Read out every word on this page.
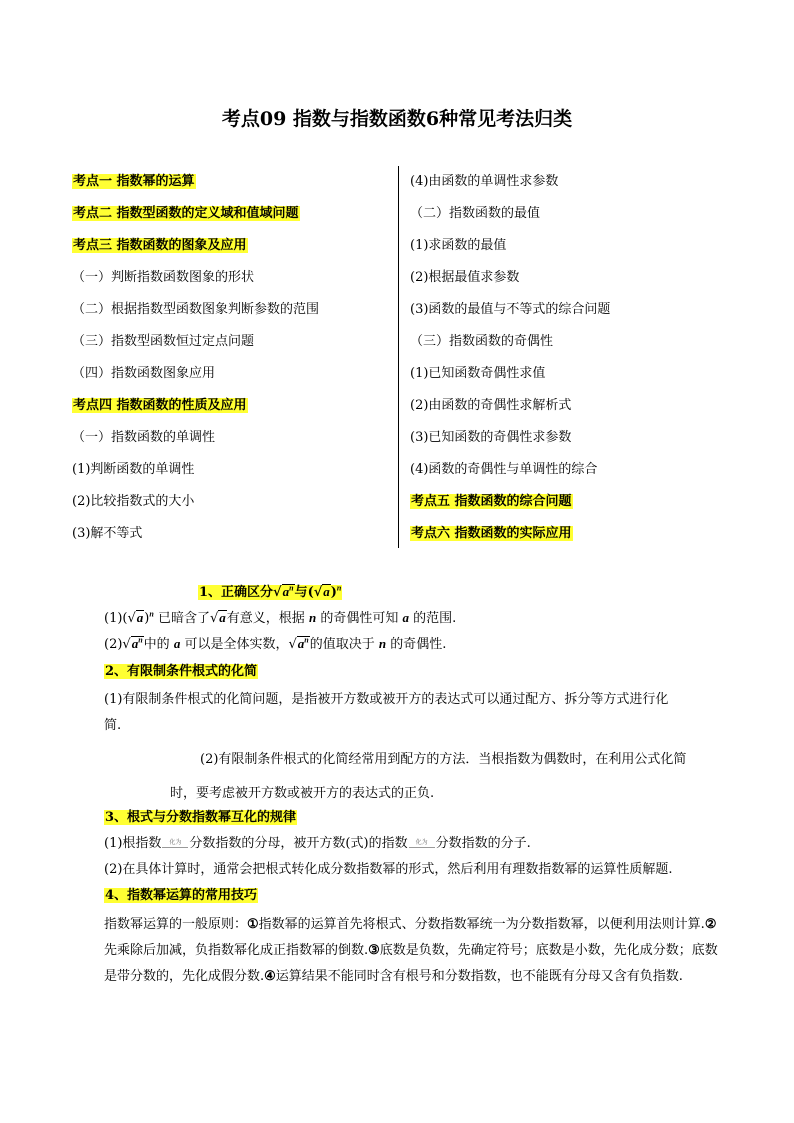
考点09 指数与指数函数6种常见考法归类
考点一 指数幂的运算
考点二 指数型函数的定义域和值域问题
考点三 指数函数的图象及应用
（一）判断指数函数图象的形状
（二）根据指数型函数图象判断参数的范围
（三）指数型函数恒过定点问题
（四）指数函数图象应用
考点四 指数函数的性质及应用
（一）指数函数的单调性
(1)判断函数的单调性
(2)比较指数式的大小
(3)解不等式
(4)由函数的单调性求参数
（二）指数函数的最值
(1)求函数的最值
(2)根据最值求参数
(3)函数的最值与不等式的综合问题
（三）指数函数的奇偶性
(1)已知函数奇偶性求值
(2)由函数的奇偶性求解析式
(3)已知函数的奇偶性求参数
(4)函数的奇偶性与单调性的综合
考点五 指数函数的综合问题
考点六 指数函数的实际应用
1、正确区分$√a^n$与$(√a)^n$
$(1)(√a)^n$ 已暗含了√a有意义，根据 n 的奇偶性可知 a 的范围.
$(2)√a^n$中的 a 可以是全体实数，$√a^n$的值取决于 n 的奇偶性.
2、有限制条件根式的化简
(1)有限制条件根式的化简问题，是指被开方数或被开方的表达式可以通过配方、拆分等方式进行化
简.
(2)有限制条件根式的化简经常用到配方的方法．当根指数为偶数时，在利用公式化简
时，要考虑被开方数或被开方的表达式的正负.
3、根式与分数指数幂互化的规律
(1)根指数 化为 分数指数的分母，被开方数(式)的指数 化为 分数指数的分子.
(2)在具体计算时，通常会把根式转化成分数指数幂的形式，然后利用有理数指数幂的运算性质解题.
4、指数幂运算的常用技巧
指数幂运算的一般原则：①指数幂的运算首先将根式、分数指数幂统一为分数指数幂，以便利用法则计算.②先乘除后加减，负指数幂化成正指数幂的倒数.③底数是负数，先确定符号；底数是小数，先化成分数；底数是带分数的，先化成假分数.④运算结果不能同时含有根号和分数指数，也不能既有分母又含有负指数.
